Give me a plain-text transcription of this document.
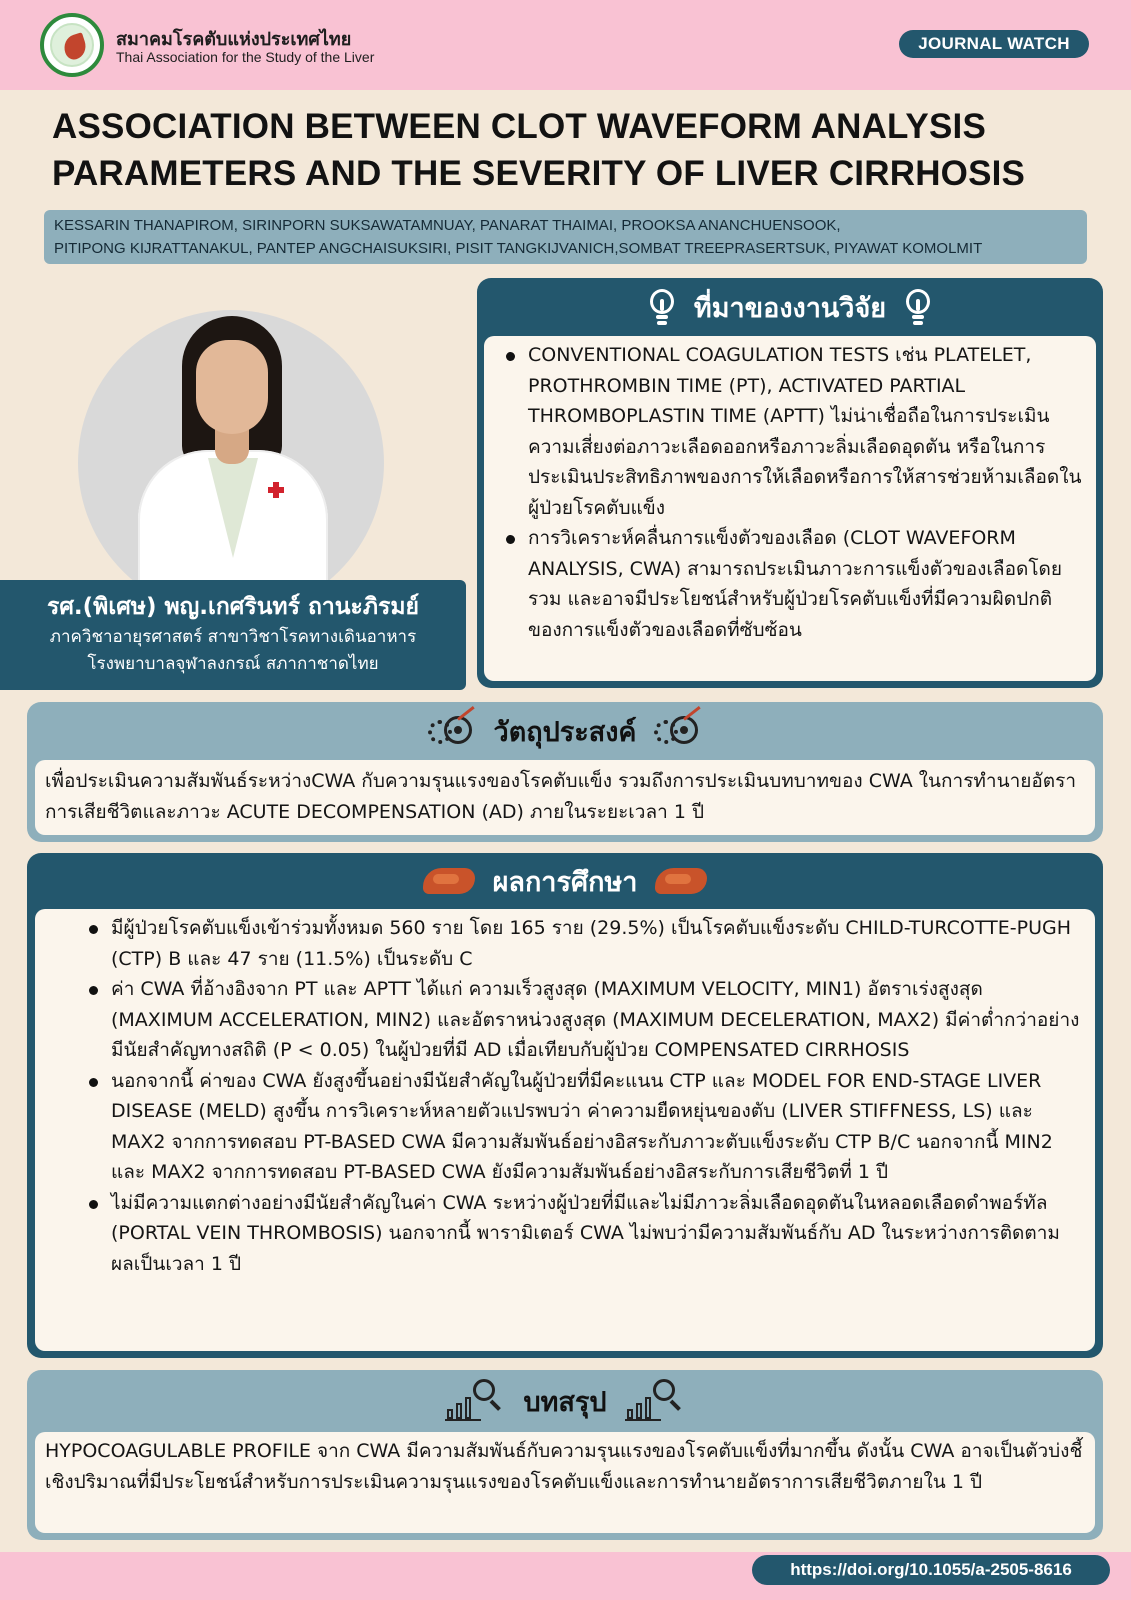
สมาคมโรคตับแห่งประเทศไทย
Thai Association for the Study of the Liver
JOURNAL WATCH
ASSOCIATION BETWEEN CLOT WAVEFORM ANALYSIS
PARAMETERS AND THE SEVERITY OF LIVER CIRRHOSIS
KESSARIN THANAPIROM, SIRINPORN SUKSAWATAMNUAY, PANARAT THAIMAI, PROOKSA ANANCHUENSOOK,
PITIPONG KIJRATTANAKUL, PANTEP ANGCHAISUKSIRI, PISIT TANGKIJVANICH,SOMBAT TREEPRASERTSUK, PIYAWAT KOMOLMIT
รศ.(พิเศษ) พญ.เกศรินทร์ ถานะภิรมย์
ภาควิชาอายุรศาสตร์ สาขาวิชาโรคทางเดินอาหาร
โรงพยาบาลจุฬาลงกรณ์ สภากาชาดไทย
ที่มาของงานวิจัย
CONVENTIONAL COAGULATION TESTS เช่น PLATELET, PROTHROMBIN TIME (PT), ACTIVATED PARTIAL THROMBOPLASTIN TIME (APTT) ไม่น่าเชื่อถือในการประเมินความเสี่ยงต่อภาวะเลือดออกหรือภาวะลิ่มเลือดอุดตัน หรือในการประเมินประสิทธิภาพของการให้เลือดหรือการให้สารช่วยห้ามเลือดในผู้ป่วยโรคตับแข็ง
การวิเคราะห์คลื่นการแข็งตัวของเลือด (CLOT WAVEFORM ANALYSIS, CWA) สามารถประเมินภาวะการแข็งตัวของเลือดโดยรวม และอาจมีประโยชน์สำหรับผู้ป่วยโรคตับแข็งที่มีความผิดปกติของการแข็งตัวของเลือดที่ซับซ้อน
วัตถุประสงค์
เพื่อประเมินความสัมพันธ์ระหว่างCWA กับความรุนแรงของโรคตับแข็ง รวมถึงการประเมินบทบาทของ CWA ในการทำนายอัตราการเสียชีวิตและภาวะ ACUTE DECOMPENSATION (AD) ภายในระยะเวลา 1 ปี
ผลการศึกษา
มีผู้ป่วยโรคตับแข็งเข้าร่วมทั้งหมด 560 ราย โดย 165 ราย (29.5%) เป็นโรคตับแข็งระดับ CHILD-TURCOTTE-PUGH (CTP) B และ 47 ราย (11.5%) เป็นระดับ C
ค่า CWA ที่อ้างอิงจาก PT และ APTT ได้แก่ ความเร็วสูงสุด (MAXIMUM VELOCITY, MIN1) อัตราเร่งสูงสุด (MAXIMUM ACCELERATION, MIN2) และอัตราหน่วงสูงสุด (MAXIMUM DECELERATION, MAX2) มีค่าต่ำกว่าอย่างมีนัยสำคัญทางสถิติ (P < 0.05) ในผู้ป่วยที่มี AD เมื่อเทียบกับผู้ป่วย COMPENSATED CIRRHOSIS
นอกจากนี้ ค่าของ CWA ยังสูงขึ้นอย่างมีนัยสำคัญในผู้ป่วยที่มีคะแนน CTP และ MODEL FOR END-STAGE LIVER DISEASE (MELD) สูงขึ้น การวิเคราะห์หลายตัวแปรพบว่า ค่าความยืดหยุ่นของตับ (LIVER STIFFNESS, LS) และ MAX2 จากการทดสอบ PT-BASED CWA มีความสัมพันธ์อย่างอิสระกับภาวะตับแข็งระดับ CTP B/C นอกจากนี้ MIN2 และ MAX2 จากการทดสอบ PT-BASED CWA ยังมีความสัมพันธ์อย่างอิสระกับการเสียชีวิตที่ 1 ปี
ไม่มีความแตกต่างอย่างมีนัยสำคัญในค่า CWA ระหว่างผู้ป่วยที่มีและไม่มีภาวะลิ่มเลือดอุดตันในหลอดเลือดดำพอร์ทัล (PORTAL VEIN THROMBOSIS) นอกจากนี้ พารามิเตอร์ CWA ไม่พบว่ามีความสัมพันธ์กับ AD ในระหว่างการติดตามผลเป็นเวลา 1 ปี
บทสรุป
HYPOCOAGULABLE PROFILE จาก CWA มีความสัมพันธ์กับความรุนแรงของโรคตับแข็งที่มากขึ้น ดังนั้น CWA อาจเป็นตัวบ่งชี้เชิงปริมาณที่มีประโยชน์สำหรับการประเมินความรุนแรงของโรคตับแข็งและการทำนายอัตราการเสียชีวิตภายใน 1 ปี
https://doi.org/10.1055/a-2505-8616
